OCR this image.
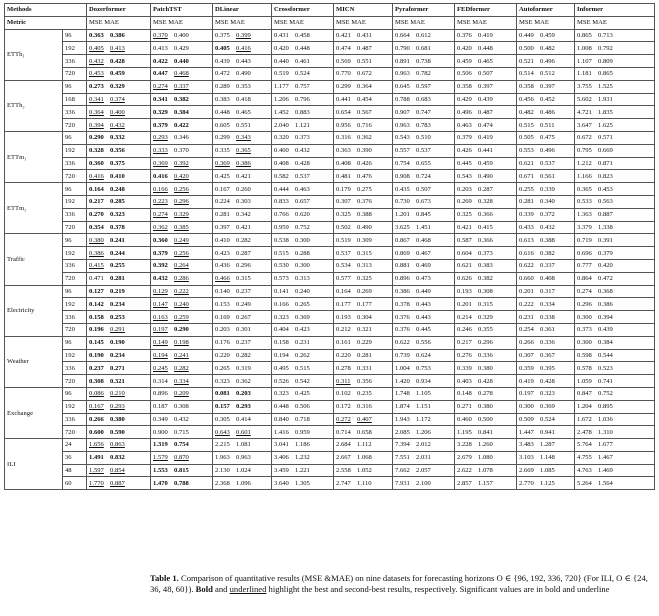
Methods		Dozerformer	PatchTST	DLinear	Crossformer	MICN	Pyraformer	FEDformer	Autoformer	Informer
Metric		MSE MAE	MSE MAE	MSE MAE	MSE MAE	MSE MAE	MSE MAE	MSE MAE	MSE MAE	MSE MAE
ETTh₁	96	0.363 0.386	0.370 0.400	0.375 0.399	0.431 0.458	0.421 0.431	0.664 0.612	0.376 0.419	0.449 0.459	0.865 0.713
	192	0.405 0.413	0.413 0.429	0.405 0.416	0.420 0.448	0.474 0.487	0.790 0.681	0.420 0.448	0.500 0.482	1.008 0.792
	336	0.432 0.428	0.422 0.440	0.439 0.443	0.440 0.461	0.569 0.551	0.891 0.738	0.459 0.465	0.521 0.496	1.107 0.809
	720	0.453 0.459	0.447 0.468	0.472 0.490	0.519 0.524	0.770 0.672	0.963 0.782	0.506 0.507	0.514 0.512	1.181 0.865
ETTh₂	96	0.273 0.329	0.274 0.337	0.289 0.353	1.177 0.757	0.299 0.364	0.645 0.597	0.358 0.397	0.358 0.397	3.755 1.525
	168	0.341 0.374	0.341 0.382	0.383 0.418	1.206 0.796	0.441 0.454	0.788 0.683	0.429 0.439	0.456 0.452	5.602 1.931
	336	0.364 0.400	0.329 0.384	0.448 0.465	1.452 0.883	0.654 0.567	0.907 0.747	0.496 0.487	0.482 0.486	4.721 1.835
	720	0.394 0.432	0.379 0.422	0.605 0.551	2.040 1.121	0.956 0.716	0.963 0.783	0.463 0.474	0.515 0.511	3.647 1.625
ETTm₁	96	0.290 0.332	0.293 0.346	0.299 0.343	0.320 0.373	0.316 0.362	0.543 0.510	0.379 0.419	0.505 0.475	0.672 0.571
	192	0.328 0.356	0.333 0.370	0.335 0.365	0.400 0.432	0.363 0.390	0.557 0.537	0.426 0.441	0.553 0.496	0.795 0.669
	336	0.360 0.375	0.369 0.392	0.369 0.386	0.408 0.428	0.408 0.426	0.754 0.655	0.445 0.459	0.621 0.537	1.212 0.871
	720	0.416 0.410	0.416 0.420	0.425 0.421	0.582 0.537	0.481 0.476	0.908 0.724	0.543 0.490	0.671 0.561	1.166 0.823
ETTm₂	96	0.164 0.248	0.166 0.256	0.167 0.260	0.444 0.463	0.179 0.275	0.435 0.507	0.203 0.287	0.255 0.339	0.365 0.453
	192	0.217 0.285	0.223 0.296	0.224 0.303	0.833 0.657	0.307 0.376	0.730 0.673	0.269 0.328	0.281 0.340	0.533 0.563
	336	0.270 0.323	0.274 0.329	0.281 0.342	0.766 0.620	0.325 0.388	1.201 0.845	0.325 0.366	0.339 0.372	1.363 0.887
	720	0.354 0.378	0.362 0.385	0.397 0.421	0.959 0.752	0.502 0.490	3.625 1.451	0.421 0.415	0.433 0.432	3.379 1.338
Traffic	96	0.380 0.241	0.360 0.249	0.410 0.282	0.538 0.300	0.519 0.309	0.867 0.468	0.587 0.366	0.613 0.388	0.719 0.391
	192	0.386 0.244	0.379 0.256	0.423 0.287	0.515 0.288	0.537 0.315	0.869 0.467	0.604 0.373	0.616 0.382	0.696 0.379
	336	0.415 0.255	0.392 0.264	0.436 0.296	0.530 0.300	0.534 0.313	0.881 0.469	0.621 0.383	0.622 0.337	0.777 0.420
	720	0.471 0.281	0.432 0.286	0.466 0.315	0.573 0.313	0.577 0.325	0.896 0.473	0.626 0.382	0.660 0.408	0.864 0.472
Electricity	96	0.127 0.219	0.129 0.222	0.140 0.237	0.141 0.240	0.164 0.269	0.386 0.449	0.193 0.308	0.201 0.317	0.274 0.368
	192	0.142 0.234	0.147 0.240	0.153 0.249	0.166 0.265	0.177 0.177	0.378 0.443	0.201 0.315	0.222 0.334	0.296 0.386
	336	0.158 0.253	0.163 0.259	0.169 0.267	0.323 0.369	0.193 0.304	0.376 0.443	0.214 0.329	0.231 0.338	0.300 0.394
	720	0.196 0.291	0.197 0.290	0.203 0.301	0.404 0.423	0.212 0.321	0.376 0.445	0.246 0.355	0.254 0.361	0.373 0.439
Weather	96	0.145 0.190	0.149 0.198	0.176 0.237	0.158 0.231	0.161 0.229	0.622 0.556	0.217 0.296	0.266 0.336	0.300 0.384
	192	0.190 0.234	0.194 0.241	0.220 0.282	0.194 0.262	0.220 0.281	0.739 0.624	0.276 0.336	0.307 0.367	0.598 0.544
	336	0.237 0.271	0.245 0.282	0.265 0.319	0.495 0.515	0.278 0.331	1.004 0.753	0.339 0.380	0.359 0.395	0.578 0.523
	720	0.308 0.321	0.314 0.334	0.323 0.362	0.526 0.542	0.311 0.356	1.420 0.934	0.403 0.428	0.419 0.428	1.059 0.741
Exchange	96	0.086 0.210	0.896 0.209	0.081 0.203	0.323 0.425	0.102 0.235	1.748 1.105	0.148 0.278	0.197 0.323	0.847 0.752
	192	0.167 0.293	0.187 0.308	0.157 0.293	0.448 0.506	0.172 0.316	1.874 1.151	0.271 0.380	0.300 0.369	1.204 0.895
	336	0.266 0.380	0.349 0.432	0.305 0.414	0.840 0.718	0.272 0.407	1.943 1.172	0.460 0.500	0.509 0.524	1.672 1.036
	720	0.600 0.590	0.900 0.715	0.643 0.601	1.416 0.959	0.714 0.658	2.085 1.206	1.195 0.841	1.447 0.941	2.478 1.310
ILI	24	1.656 0.863	1.319 0.754	2.215 1.081	3.041 1.186	2.684 1.112	7.394 2.012	3.228 1.260	3.483 1.287	5.764 1.677
	36	1.491 0.832	1.579 0.870	1.963 0.963	3.406 1.232	2.667 1.068	7.551 2.031	2.679 1.080	3.103 1.148	4.755 1.467
	48	1.597 0.854	1.553 0.815	2.130 1.024	3.459 1.221	2.558 1.052	7.662 2.057	2.622 1.078	2.669 1.085	4.763 1.469
	60	1.770 0.887	1.470 0.788	2.368 1.096	3.640 1.305	2.747 1.110	7.931 2.100	2.857 1.157	2.770 1.125	5.264 1.564
Table 1. Comparison of quantitative results (MSE &MAE) on nine datasets for forecasting horizons O ∈ {96, 192, 336, 720} (For ILI, O ∈ {24, 36, 48, 60}). Bold and underlined highlight the best and second-best results, respectively. Significant values are in bold and underline
